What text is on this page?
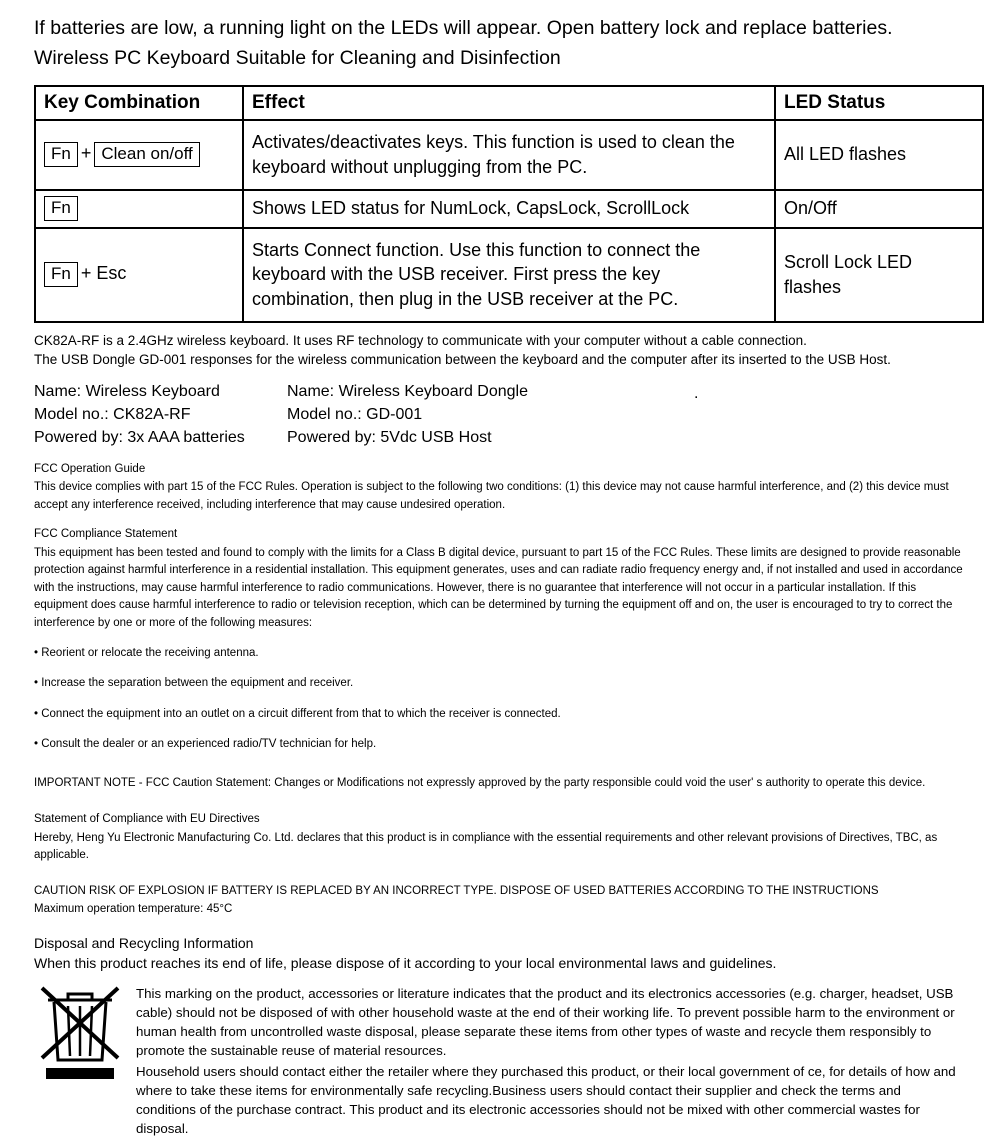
If batteries are low, a running light on the LEDs will appear. Open battery lock and replace batteries.
Wireless PC Keyboard Suitable for Cleaning and Disinfection
Key Combination	Effect	LED Status
Fn + Clean on/off	Activates/deactivates keys. This function is used to clean the keyboard without unplugging from the PC.	All LED flashes
Fn	Shows LED status for NumLock, CapsLock, ScrollLock	On/Off
Fn + Esc	Starts Connect function. Use this function to connect the keyboard with the USB receiver. First press the key combination, then plug in the USB receiver at the PC.	Scroll Lock LED flashes
CK82A-RF is a 2.4GHz wireless keyboard. It uses RF technology to communicate with your computer without a cable connection.
The USB Dongle GD-001 responses for the wireless communication between the keyboard and the computer after its inserted to the USB Host.
Name: Wireless Keyboard
Model no.: CK82A-RF
Powered by: 3x AAA batteries
Name: Wireless Keyboard Dongle
Model no.: GD-001
Powered by: 5Vdc USB Host
.
FCC Operation Guide
This device complies with part 15 of the FCC Rules. Operation is subject to the following two conditions: (1) this device may not cause harmful interference, and (2) this device must accept any interference received, including interference that may cause undesired operation.
FCC Compliance Statement
This equipment has been tested and found to comply with the limits for a Class B digital device, pursuant to part 15 of the FCC Rules. These limits are designed to provide reasonable protection against harmful interference in a residential installation. This equipment generates, uses and can radiate radio frequency energy and, if not installed and used in accordance with the instructions, may cause harmful interference to radio communications. However, there is no guarantee that interference will not occur in a particular installation. If this equipment does cause harmful interference to radio or television reception, which can be determined by turning the equipment off and on, the user is encouraged to try to correct the interference by one or more of the following measures:
• Reorient or relocate the receiving antenna.
• Increase the separation between the equipment and receiver.
• Connect the equipment into an outlet on a circuit different from that to which the receiver is connected.
• Consult the dealer or an experienced radio/TV technician for help.
IMPORTANT NOTE - FCC Caution Statement: Changes or Modifications not expressly approved by the party responsible could void the user' s authority to operate this device.
Statement of Compliance with EU Directives
Hereby, Heng Yu Electronic Manufacturing Co. Ltd. declares that this product is in compliance with the essential requirements and other relevant provisions of Directives, TBC, as applicable.
CAUTION RISK OF EXPLOSION IF BATTERY IS REPLACED BY AN INCORRECT TYPE. DISPOSE OF USED BATTERIES ACCORDING TO THE INSTRUCTIONS
Maximum operation temperature: 45°C
Disposal and Recycling Information
When this product reaches its end of life, please dispose of it according to your local environmental laws and guidelines.

This marking on the product, accessories or literature indicates that the product and its electronics accessories (e.g. charger, headset, USB cable) should not be disposed of with other household waste at the end of their working life. To prevent possible harm to the environment or human health from uncontrolled waste disposal, please separate these items from other types of waste and recycle them responsibly to promote the sustainable reuse of material resources.

Household users should contact either the retailer where they purchased this product, or their local government of ce, for details of how and where to take these items for environmentally safe recycling.Business users should contact their supplier and check the terms and conditions of the purchase contract. This product and its electronic accessories should not be mixed with other commercial wastes for disposal.
